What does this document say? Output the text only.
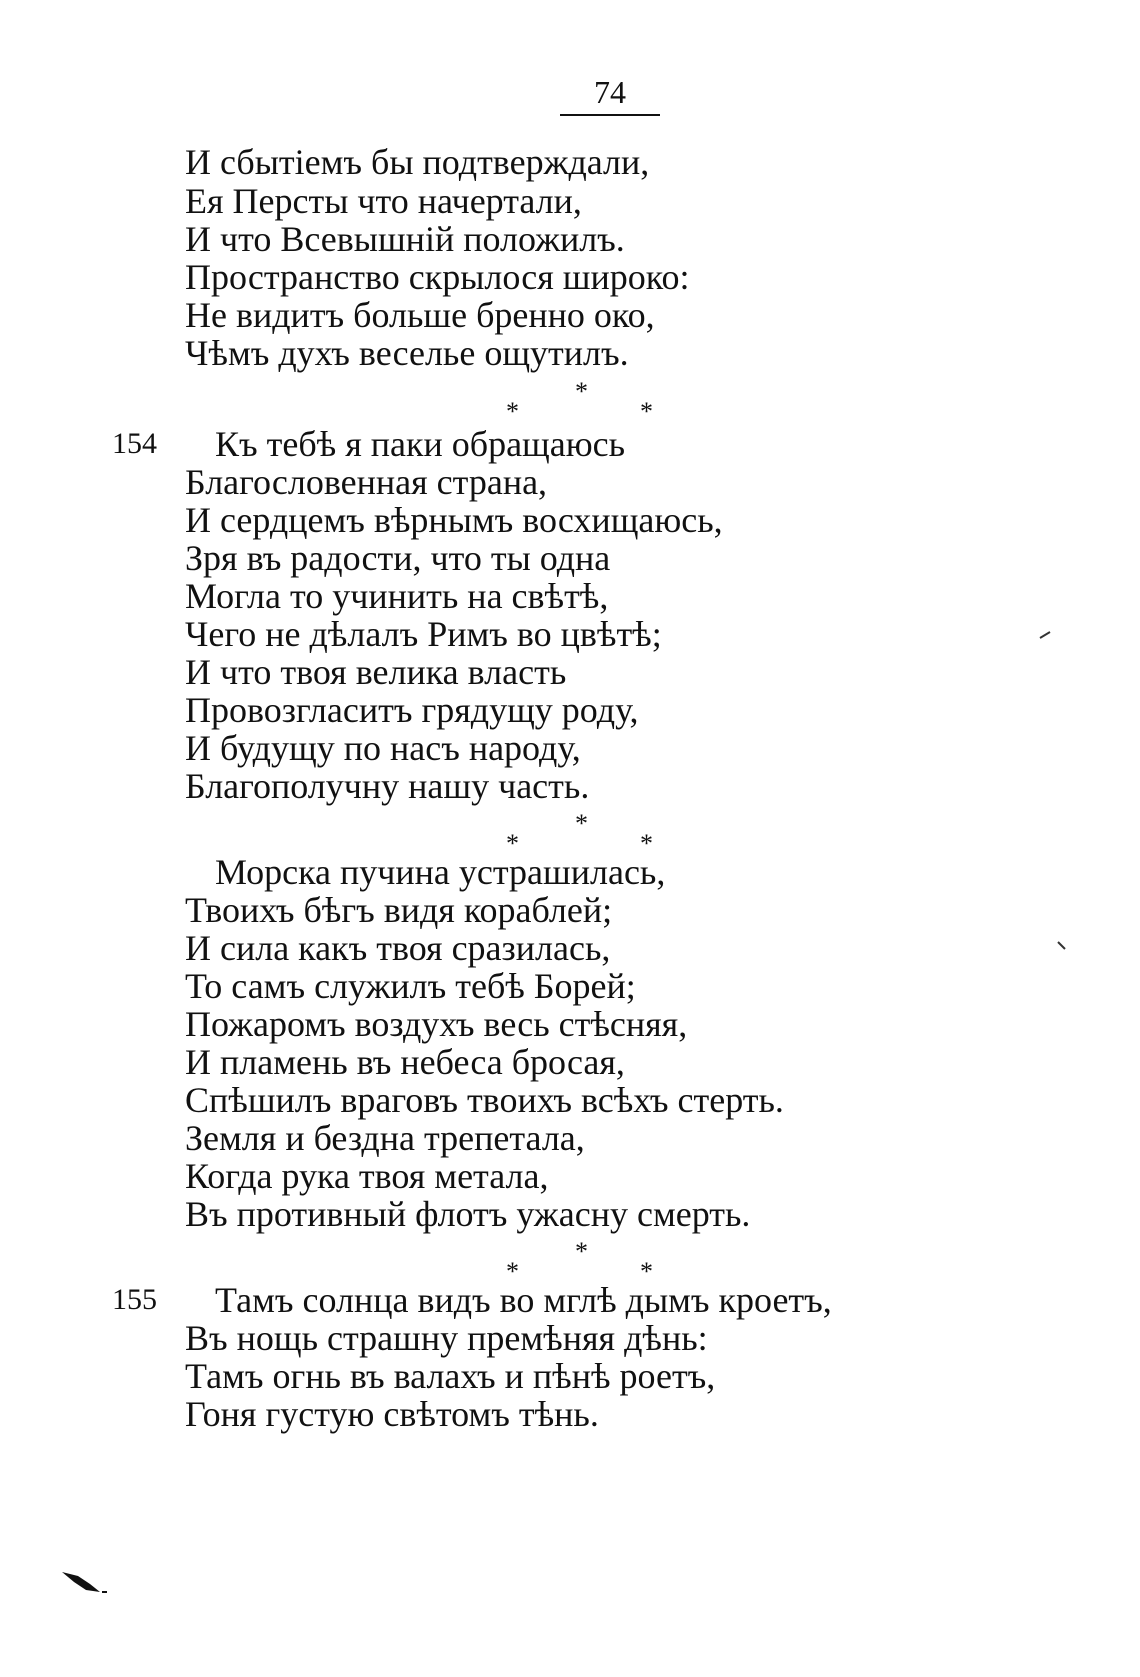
74
И сбытіемъ бы подтверждали,
Ея Персты что начертали,
И что Всевышній положилъ.
Пространство скрылося широко:
Не видитъ больше бренно око,
Чѣмъ духъ веселье ощутилъ.
*
*	*
154 Къ тебѣ я паки обращаюсь
Благословенная страна,
И сердцемъ вѣрнымъ восхищаюсь,
Зря въ радости, что ты одна
Могла то учинить на свѣтѣ,
Чего не дѣлалъ Римъ во цвѣтѣ;
И что твоя велика власть
Провозгласитъ грядущу роду,
И будущу по насъ народу,
Благополучну нашу часть.
*
*	*
Морска пучина устрашилась,
Твоихъ бѣгъ видя кораблей;
И сила какъ твоя сразилась,
То самъ служилъ тебѣ Борей;
Пожаромъ воздухъ весь стѣсняя,
И пламень въ небеса бросая,
Спѣшилъ враговъ твоихъ всѣхъ стерть.
Земля и бездна трепетала,
Когда рука твоя метала,
Въ противный флотъ ужасну смерть.
*
*	*
155 Тамъ солнца видъ во мглѣ дымъ кроетъ,
Въ нощь страшну премѣняя дѣнь:
Тамъ огнь въ валахъ и пѣнѣ роетъ,
Гоня густую свѣтомъ тѣнь.
